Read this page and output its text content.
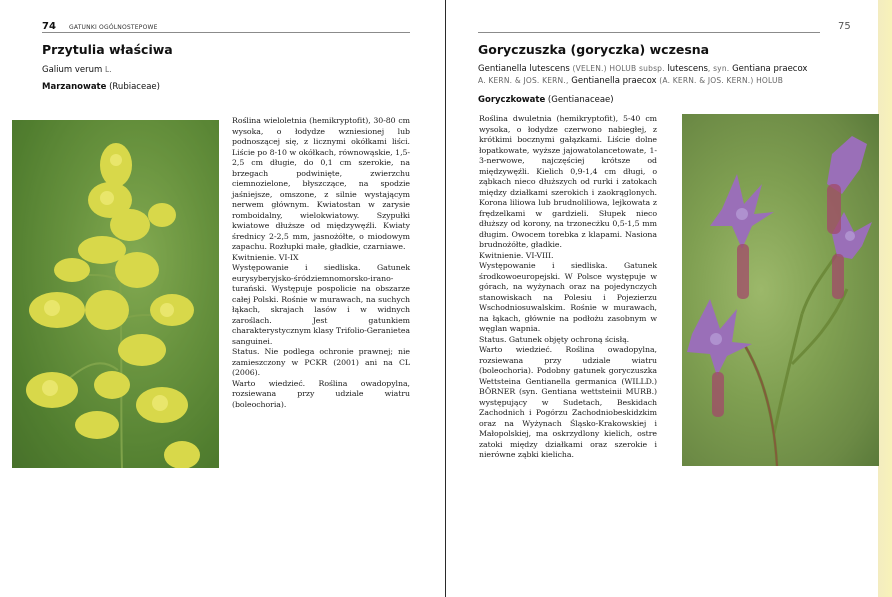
74 GATUNKI OGÓLNOSTEPOWE
Przytulia właściwa
Galium verum L.
Marzanowate (Rubiaceae)

Roślina wieloletnia (hemikryptofit), 30-80 cm wysoka, o łodydze wzniesionej lub podnoszącej się, z licznymi okółkami liści. Liście po 8-10 w okółkach, równowąskie, 1,5-2,5 cm długie, do 0,1 cm szerokie, na brzegach podwinięte, zwierzchu ciemnozielone, błyszczące, na spodzie jaśniejsze, omszone, z silnie wystającym nerwem głównym. Kwiatostan w zarysie romboidalny, wielokwiatowy. Szypułki kwiatowe dłuższe od międzywęźli. Kwiaty średnicy 2-2,5 mm, jasnożółte, o miodowym zapachu. Rozłupki małe, gładkie, czarniawe.

Kwitnienie. VI-IX

Występowanie i siedliska. Gatunek eurysyberyjsko-śródziemnomorsko-irano-turański. Występuje pospolicie na obszarze całej Polski. Rośnie w murawach, na suchych łąkach, skrajach lasów i w widnych zaroślach. Jest gatunkiem charakterystycznym klasy Trifolio-Geranietea sanguinei.

Status. Nie podlega ochronie prawnej; nie zamieszczony w PCKR (2001) ani na CL (2006).

Warto wiedzieć. Roślina owadopylna, rozsiewana przy udziale wiatru (boleochoria).

75
Goryczuszka (goryczka) wczesna
Gentianella lutescens (VELEN.) HOLUB subsp. lutescens, syn. Gentiana praecox
A. KERN. & JOS. KERN., Gentianella praecox (A. KERN. & JOS. KERN.) HOLUB
Goryczkowate (Gentianaceae)

Roślina dwuletnia (hemikryptofit), 5-40 cm wysoka, o łodydze czerwono nabiegłej, z krótkimi bocznymi gałązkami. Liście dolne łopatkowate, wyższe jajowatolancetowate, 1-3-nerwowe, najczęściej krótsze od międzywęźli. Kielich 0,9-1,4 cm długi, o ząbkach nieco dłuższych od rurki i zatokach między działkami szerokich i zaokrąglonych. Korona liliowa lub brudnoliliowa, lejkowata z frędzelkami w gardzieli. Słupek nieco dłuższy od korony, na trzonecżku 0,5-1,5 mm długim. Owocem torebka z klapami. Nasiona brudnożółte, gładkie.

Kwitnienie. VI-VIII.

Występowanie i siedliska. Gatunek środkowoeuropejski. W Polsce występuje w górach, na wyżynach oraz na pojedynczych stanowiskach na Polesiu i Pojezierzu Wschodniosuwalskim. Rośnie w murawach, na łąkach, głównie na podłożu zasobnym w węglan wapnia.

Status. Gatunek objęty ochroną ścisłą.

Warto wiedzieć. Roślina owadopylna, rozsiewana przy udziale wiatru (boleochoria). Podobny gatunek goryczuszka Wettsteina Gentianella germanica (WILLD.) BÖRNER (syn. Gentiana wettsteinii MURB.) występujący w Sudetach, Beskidach Zachodnich i Pogórzu Zachodniobeskidzkim oraz na Wyżynach Śląsko-Krakowskiej i Małopolskiej, ma oskrzydlony kielich, ostre zatoki między działkami oraz szerokie i nierówne ząbki kielicha.
